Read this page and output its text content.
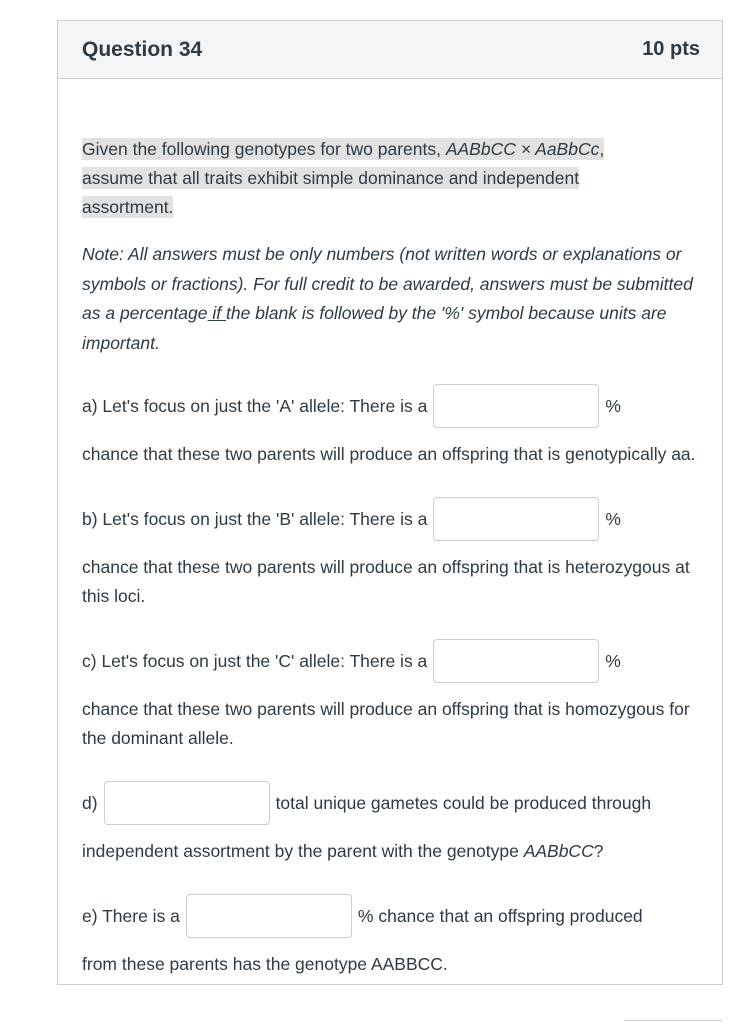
Question 34	10 pts
Given the following genotypes for two parents, AABbCC × AaBbCc,
assume that all traits exhibit simple dominance and independent
assortment.
Note: All answers must be only numbers (not written words or explanations or symbols or fractions). For full credit to be awarded, answers must be submitted as a percentage if the blank is followed by the '%' symbol because units are important.
a) Let's focus on just the 'A' allele: There is a	%

chance that these two parents will produce an offspring that is genotypically aa.

b) Let's focus on just the 'B' allele: There is a	%

chance that these two parents will produce an offspring that is heterozygous at this loci.

c) Let's focus on just the 'C' allele: There is a	%

chance that these two parents will produce an offspring that is homozygous for the dominant allele.

d)	total unique gametes could be produced through

independent assortment by the parent with the genotype AABbCC?

e) There is a	% chance that an offspring produced

from these parents has the genotype AABBCC.
